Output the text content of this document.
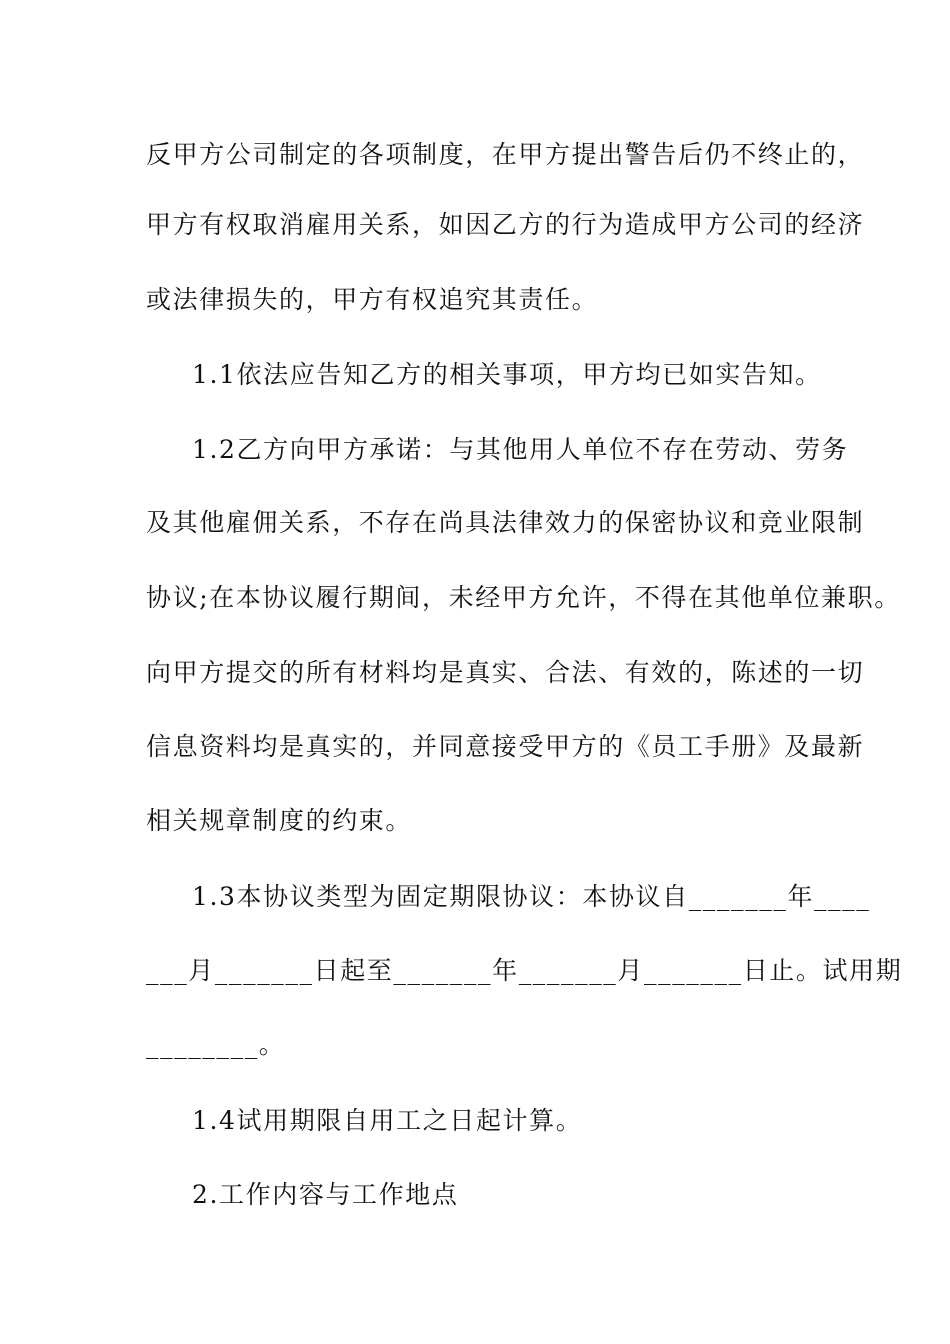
反甲方公司制定的各项制度，在甲方提出警告后仍不终止的，
甲方有权取消雇用关系，如因乙方的行为造成甲方公司的经济
或法律损失的，甲方有权追究其责任。
1.1依法应告知乙方的相关事项，甲方均已如实告知。
1.2乙方向甲方承诺：与其他用人单位不存在劳动、劳务
及其他雇佣关系，不存在尚具法律效力的保密协议和竞业限制
协议;在本协议履行期间，未经甲方允许，不得在其他单位兼职。
向甲方提交的所有材料均是真实、合法、有效的，陈述的一切
信息资料均是真实的，并同意接受甲方的《员工手册》及最新
相关规章制度的约束。
1.3本协议类型为固定期限协议：本协议自_______年____
___月_______日起至_______年_______月_______日止。试用期
________。
1.4试用期限自用工之日起计算。
2.工作内容与工作地点
